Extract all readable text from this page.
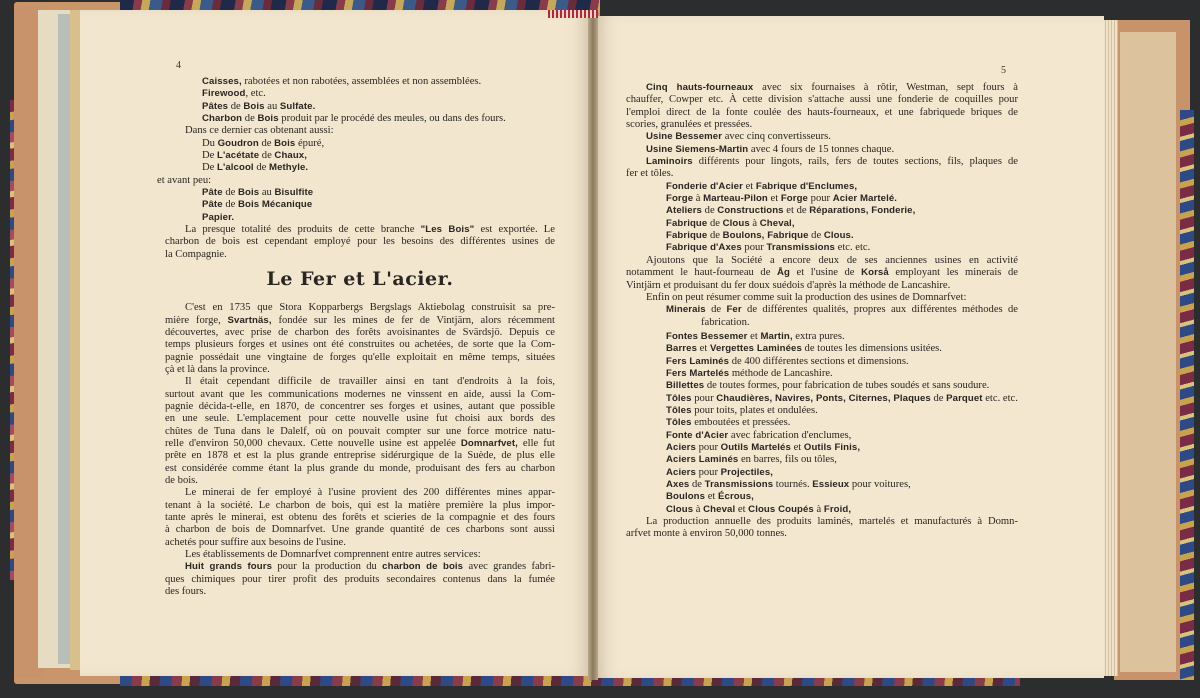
4	5
Caisses, rabotées et non rabotées, assemblées et non assemblées.
Firewood, etc.
Pâtes de Bois au Sulfate.
Charbon de Bois produit par le procédé des meules, ou dans des fours.
Dans ce dernier cas obtenant aussi:
Du Goudron de Bois épuré,
De L'acétate de Chaux,
De L'alcool de Methyle.
et avant peu:
Pâte de Bois au Bisulfite
Pâte de Bois Mécanique
Papier.
La presque totalité des produits de cette branche "Les Bois" est exportée. Le
charbon de bois est cependant employé pour les besoins des différentes usines de
la Compagnie.
Le Fer et L'acier.
C'est en 1735 que Stora Kopparbergs Bergslags Aktiebolag construisit sa pre-
mière forge, Svartnäs, fondée sur les mines de fer de Vintjärn, alors récemment
découvertes, avec prise de charbon des forêts avoisinantes de Svärdsjö. Depuis ce
temps plusieurs forges et usines ont été construites ou achetées, de sorte que la Com-
pagnie possédait une vingtaine de forges qu'elle exploitait en même temps, situées
çà et là dans la province.
Il était cependant difficile de travailler ainsi en tant d'endroits à la fois,
surtout avant que les communications modernes ne vinssent en aide, aussi la Com-
pagnie décida-t-elle, en 1870, de concentrer ses forges et usines, autant que possible
en une seule. L'emplacement pour cette nouvelle usine fut choisi aux bords des
chûtes de Tuna dans le Dalelf, où on pouvait compter sur une force motrice natu-
relle d'environ 50,000 chevaux. Cette nouvelle usine est appelée Domnarfvet, elle fut
prête en 1878 et est la plus grande entreprise sidérurgique de la Suède, de plus elle
est considérée comme étant la plus grande du monde, produisant des fers au charbon
de bois.
Le minerai de fer employé à l'usine provient des 200 différentes mines appar-
tenant à la société. Le charbon de bois, qui est la matière première la plus impor-
tante après le minerai, est obtenu des forêts et scieries de la compagnie et des fours
à charbon de bois de Domnarfvet. Une grande quantité de ces charbons sont aussi
achetés pour suffire aux besoins de l'usine.
Les établissements de Domnarfvet comprennent entre autres services:
Huit grands fours pour la production du charbon de bois avec grandes fabri-
ques chimiques pour tirer profit des produits secondaires contenus dans la fumée
des fours.
Cinq hauts-fourneaux avec six fournaises à rôtir, Westman, sept fours à
chauffer, Cowper etc. À cette division s'attache aussi une fonderie de coquilles pour
l'emploi direct de la fonte coulée des hauts-fourneaux, et une fabriquede briques de
scories, granulées et pressées.
Usine Bessemer avec cinq convertisseurs.
Usine Siemens-Martin avec 4 fours de 15 tonnes chaque.
Laminoirs différents pour lingots, rails, fers de toutes sections, fils, plaques de
fer et tôles.
Fonderie d'Acier et Fabrique d'Enclumes,
Forge à Marteau-Pilon et Forge pour Acier Martelé.
Ateliers de Constructions et de Réparations, Fonderie,
Fabrique de Clous à Cheval,
Fabrique de Boulons, Fabrique de Clous.
Fabrique d'Axes pour Transmissions etc. etc.
Ajoutons que la Société a encore deux de ses anciennes usines en activité
notamment le haut-fourneau de Åg et l'usine de Korså employant les minerais de
Vintjärn et produisant du fer doux suédois d'après la méthode de Lancashire.
Enfin on peut résumer comme suit la production des usines de Domnarfvet:
Minerais de Fer de différentes qualités, propres aux différentes méthodes de
fabrication.
Fontes Bessemer et Martin, extra pures.
Barres et Vergettes Laminées de toutes les dimensions usitées.
Fers Laminés de 400 différentes sections et dimensions.
Fers Martelés méthode de Lancashire.
Billettes de toutes formes, pour fabrication de tubes soudés et sans soudure.
Tôles pour Chaudières, Navires, Ponts, Citernes, Plaques de Parquet etc. etc.
Tôles pour toits, plates et ondulées.
Tôles emboutées et pressées.
Fonte d'Acier avec fabrication d'enclumes,
Aciers pour Outils Martelés et Outils Finis,
Aciers Laminés en barres, fils ou tôles,
Aciers pour Projectiles,
Axes de Transmissions tournés. Essieux pour voitures,
Boulons et Écrous,
Clous à Cheval et Clous Coupés à Froid,
La production annuelle des produits laminés, martelés et manufacturés à Domn-
arfvet monte à environ 50,000 tonnes.
